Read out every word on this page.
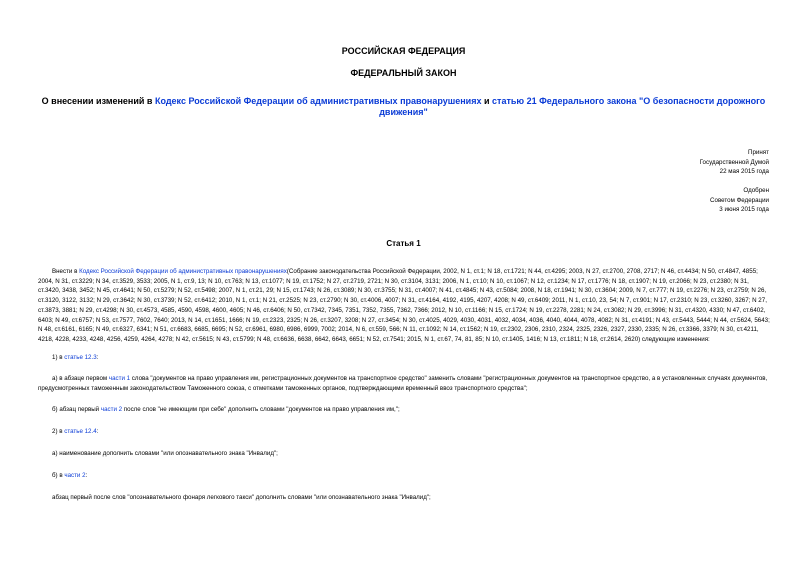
РОССИЙСКАЯ ФЕДЕРАЦИЯ
ФЕДЕРАЛЬНЫЙ ЗАКОН
О внесении изменений в Кодекс Российской Федерации об административных правонарушениях и статью 21 Федерального закона "О безопасности дорожного движения"
Принят
Государственной Думой
22 мая 2015 года
Одобрен
Советом Федерации
3 июня 2015 года
Статья 1
Внести в Кодекс Российской Федерации об административных правонарушениях(Собрание законодательства Российской Федерации, 2002, N 1, ст.1; N 18, ст.1721; N 44, ст.4295; 2003, N 27, ст.2700, 2708, 2717; N 46, ст.4434; N 50, ст.4847, 4855; 2004, N 31, ст.3229; N 34, ст.3529, 3533; 2005, N 1, ст.9, 13; N 10, ст.763; N 13, ст.1077; N 19, ст.1752; N 27, ст.2719, 2721; N 30, ст.3104, 3131; 2006, N 1, ст.10; N 10, ст.1067; N 12, ст.1234; N 17, ст.1776; N 18, ст.1907; N 19, ст.2066; N 23, ст.2380; N 31, ст.3420, 3438, 3452; N 45, ст.4641; N 50, ст.5279; N 52, ст.5498; 2007, N 1, ст.21, 29; N 15, ст.1743; N 26, ст.3089; N 30, ст.3755; N 31, ст.4007; N 41, ст.4845; N 43, ст.5084; 2008, N 18, ст.1941; N 30, ст.3604; 2009, N 7, ст.777; N 19, ст.2276; N 23, ст.2759; N 26, ст.3120, 3122, 3132; N 29, ст.3642; N 30, ст.3739; N 52, ст.6412; 2010, N 1, ст.1; N 21, ст.2525; N 23, ст.2790; N 30, ст.4006, 4007; N 31, ст.4164, 4192, 4195, 4207, 4208; N 49, ст.6409; 2011, N 1, ст.10, 23, 54; N 7, ст.901; N 17, ст.2310; N 23, ст.3260, 3267; N 27, ст.3873, 3881; N 29, ст.4298; N 30, ст.4573, 4585, 4590, 4598, 4600, 4605; N 46, ст.6406; N 50, ст.7342, 7345, 7351, 7352, 7355, 7362, 7366; 2012, N 10, ст.1166; N 15, ст.1724; N 19, ст.2278, 2281; N 24, ст.3082; N 29, ст.3996; N 31, ст.4320, 4330; N 47, ст.6402, 6403; N 49, ст.6757; N 53, ст.7577, 7602, 7640; 2013, N 14, ст.1651, 1666; N 19, ст.2323, 2325; N 26, ст.3207, 3208; N 27, ст.3454; N 30, ст.4025, 4029, 4030, 4031, 4032, 4034, 4036, 4040, 4044, 4078, 4082; N 31, ст.4191; N 43, ст.5443, 5444; N 44, ст.5624, 5643; N 48, ст.6161, 6165; N 49, ст.6327, 6341; N 51, ст.6683, 6685, 6695; N 52, ст.6961, 6980, 6986, 6999, 7002; 2014, N 6, ст.559, 566; N 11, ст.1092; N 14, ст.1562; N 19, ст.2302, 2306, 2310, 2324, 2325, 2326, 2327, 2330, 2335; N 26, ст.3366, 3379; N 30, ст.4211, 4218, 4228, 4233, 4248, 4256, 4259, 4264, 4278; N 42, ст.5615; N 43, ст.5799; N 48, ст.6636, 6638, 6642, 6643, 6651; N 52, ст.7541; 2015, N 1, ст.67, 74, 81, 85; N 10, ст.1405, 1416; N 13, ст.1811; N 18, ст.2614, 2620) следующие изменения:
1) в статье 12.3:
а) в абзаце первом части 1 слова "документов на право управления им, регистрационных документов на транспортное средство" заменить словами "регистрационных документов на транспортное средство, а в установленных случаях документов, предусмотренных таможенным законодательством Таможенного союза, с отметками таможенных органов, подтверждающими временный ввоз транспортного средства";
б) абзац первый части 2 после слов "не имеющим при себе" дополнить словами "документов на право управления им,";
2) в статье 12.4:
а) наименование дополнить словами "или опознавательного знака "Инвалид";
б) в части 2:
абзац первый после слов "опознавательного фонаря легкового такси" дополнить словами "или опознавательного знака "Инвалид";
